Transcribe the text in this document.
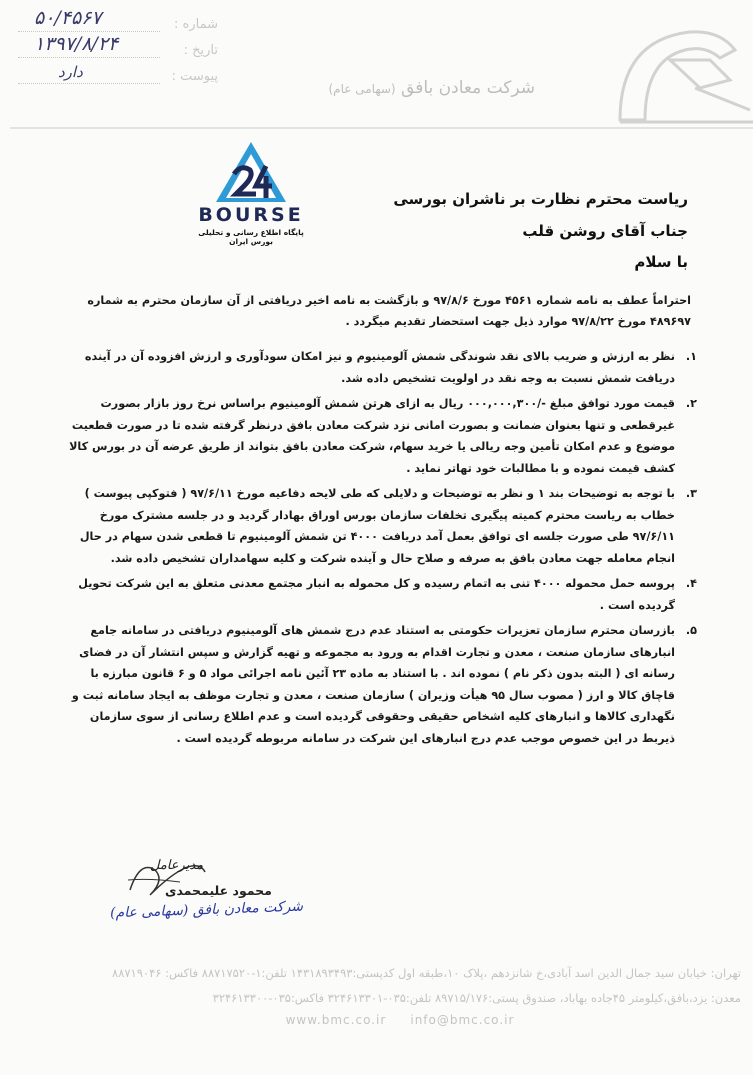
شماره :
۵۰/۴۵۶۷
تاریخ :
۱۳۹۷/۸/۲۴
پیوست :
دارد
شرکت معادن بافق (سهامی عام)
BOURSE
پایگاه اطلاع رسانی و تحلیلی بورس ایران
ریاست محترم نظارت بر ناشران بورسی
جناب آقای روشن قلب
با سلام
احتراماً عطف به نامه شماره ۴۵۶۱ مورخ ۹۷/۸/۶ و بازگشت به نامه اخیر دریافتی از آن سازمان محترم به شماره ۴۸۹۶۹۷ مورخ ۹۷/۸/۲۲ موارد ذیل جهت استحضار تقدیم میگردد .
۱.
نظر به ارزش و ضریب بالای نقد شوندگی شمش آلومینیوم و نیز امکان سودآوری و ارزش افزوده آن در آینده دریافت شمش نسبت به وجه نقد در اولویت تشخیص داده شد.
۲.
قیمت مورد توافق مبلغ -/۰۰۰,۰۰۰,۳۰۰ ریال به ازای هرتن شمش آلومینیوم براساس نرخ روز بازار بصورت غیرقطعی و تنها بعنوان ضمانت و بصورت امانی نزد شرکت معادن بافق درنظر گرفته شده تا در صورت قطعیت موضوع و عدم امکان تأمین وجه ریالی یا خرید سهام، شرکت معادن بافق بتواند از طریق عرضه آن در بورس کالا کشف قیمت نموده و با مطالبات خود تهاتر نماید .
۳.
با توجه به توضیحات بند ۱ و نظر به توضیحات و دلایلی که طی لایحه دفاعیه مورخ ۹۷/۶/۱۱ ( فتوکپی پیوست ) خطاب به ریاست محترم کمیته پیگیری تخلفات سازمان بورس اوراق بهادار گردید و در جلسه مشترک مورخ ۹۷/۶/۱۱ طی صورت جلسه ای توافق بعمل آمد دریافت ۴۰۰۰ تن شمش آلومینیوم تا قطعی شدن سهام در حال انجام معامله جهت معادن بافق به صرفه و صلاح حال و آینده شرکت و کلیه سهامداران تشخیص داده شد.
۴.
پروسه حمل محموله ۴۰۰۰ تنی به اتمام رسیده و کل محموله به انبار مجتمع معدنی متعلق به این شرکت تحویل گردیده است .
۵.
بازرسان محترم سازمان تعزیرات حکومتی به استناد عدم درج شمش های آلومینیوم دریافتی در سامانه جامع انبارهای سازمان صنعت ، معدن و تجارت اقدام به ورود به مجموعه و تهیه گزارش و سپس انتشار آن در فضای رسانه ای ( البته بدون ذکر نام ) نموده اند . با استناد به ماده ۲۳ آئین نامه اجرائی مواد ۵ و ۶ قانون مبارزه با قاچاق کالا و ارز ( مصوب سال ۹۵ هیأت وزیران ) سازمان صنعت ، معدن و تجارت موظف به ایجاد سامانه ثبت و نگهداری کالاها و انبارهای کلیه اشخاص حقیقی وحقوقی گردیده است و عدم اطلاع رسانی از سوی سازمان ذیربط در این خصوص موجب عدم درج انبارهای این شرکت در سامانه مربوطه گردیده است .
مدیرعامل
محمود علیمحمدی
شرکت معادن بافق (سهامی عام)
تهران: خیابان سید جمال الدین اسد آبادی،خ شانزدهم ،پلاک ۱۰،طبقه اول کدپستی:۱۴۳۱۸۹۳۴۹۳ تلفن:۱-۸۸۷۱۷۵۲۰ فاکس: ۸۸۷۱۹۰۴۶
معدن: یزد،بافق،کیلومتر ۴۵جاده بهاباد، صندوق پستی:۸۹۷۱۵/۱۷۶ تلفن:۰۳۵-۳۲۴۶۱۳۳۰۱ فاکس:۰۳۵-۳۲۴۶۱۳۳۰۰
www.bmc.co.ir info@bmc.co.ir
